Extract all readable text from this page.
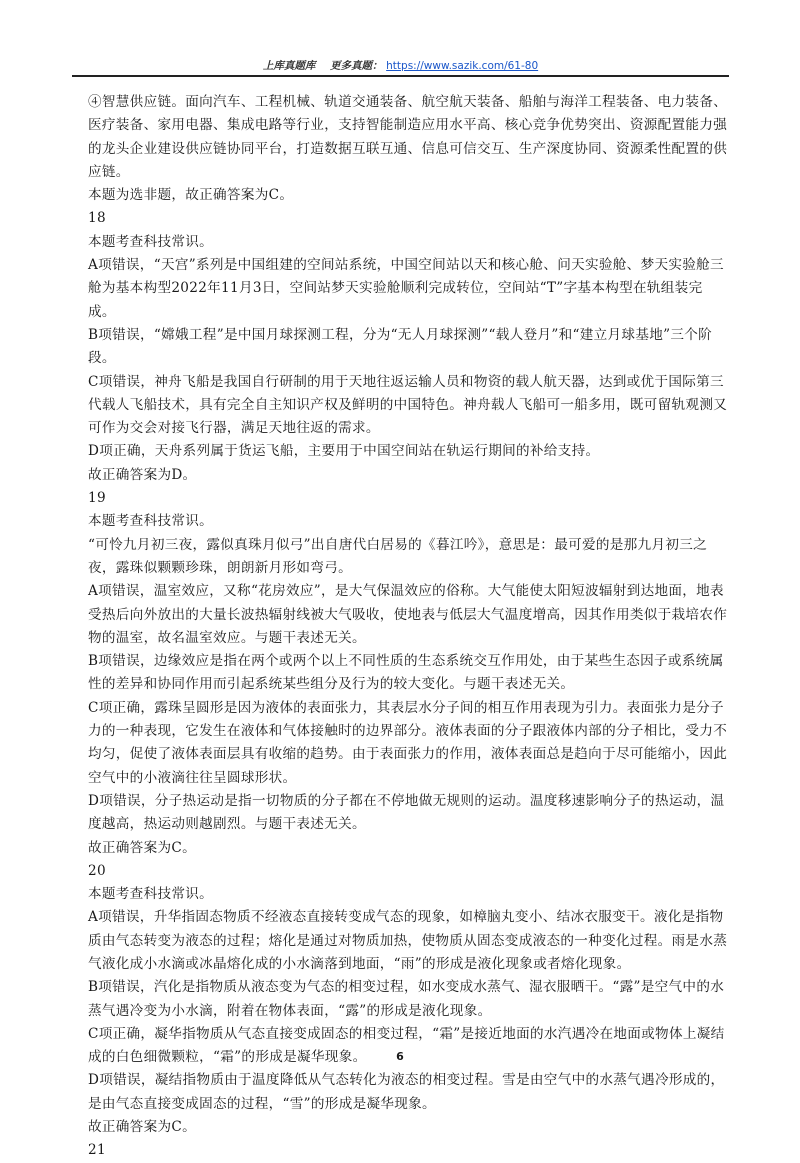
上库真题库 更多真题： https://www.sazik.com/61-80

④智慧供应链。面向汽车、工程机械、轨道交通装备、航空航天装备、船舶与海洋工程装备、电力装备、医疗装备、家用电器、集成电路等行业，支持智能制造应用水平高、核心竞争优势突出、资源配置能力强的龙头企业建设供应链协同平台，打造数据互联互通、信息可信交互、生产深度协同、资源柔性配置的供应链。

本题为选非题，故正确答案为C。

18

本题考查科技常识。

A项错误，“天宫”系列是中国组建的空间站系统，中国空间站以天和核心舱、问天实验舱、梦天实验舱三舱为基本构型2022年11月3日，空间站梦天实验舱顺利完成转位，空间站“T”字基本构型在轨组装完成。

B项错误，“嫦娥工程”是中国月球探测工程，分为“无人月球探测”“载人登月”和“建立月球基地”三个阶段。

C项错误，神舟飞船是我国自行研制的用于天地往返运输人员和物资的载人航天器，达到或优于国际第三代载人飞船技术，具有完全自主知识产权及鲜明的中国特色。神舟载人飞船可一船多用，既可留轨观测又可作为交会对接飞行器，满足天地往返的需求。

D项正确，天舟系列属于货运飞船，主要用于中国空间站在轨运行期间的补给支持。

故正确答案为D。

19

本题考查科技常识。

“可怜九月初三夜，露似真珠月似弓”出自唐代白居易的《暮江吟》，意思是：最可爱的是那九月初三之夜，露珠似颗颗珍珠，朗朗新月形如弯弓。

A项错误，温室效应，又称“花房效应”，是大气保温效应的俗称。大气能使太阳短波辐射到达地面，地表受热后向外放出的大量长波热辐射线被大气吸收，使地表与低层大气温度增高，因其作用类似于栽培农作物的温室，故名温室效应。与题干表述无关。

B项错误，边缘效应是指在两个或两个以上不同性质的生态系统交互作用处，由于某些生态因子或系统属性的差异和协同作用而引起系统某些组分及行为的较大变化。与题干表述无关。

C项正确，露珠呈圆形是因为液体的表面张力，其表层水分子间的相互作用表现为引力。表面张力是分子力的一种表现，它发生在液体和气体接触时的边界部分。液体表面的分子跟液体内部的分子相比，受力不均匀，促使了液体表面层具有收缩的趋势。由于表面张力的作用，液体表面总是趋向于尽可能缩小，因此空气中的小液滴往往呈圆球形状。

D项错误，分子热运动是指一切物质的分子都在不停地做无规则的运动。温度移速影响分子的热运动，温度越高，热运动则越剧烈。与题干表述无关。

故正确答案为C。

20

本题考查科技常识。

A项错误，升华指固态物质不经液态直接转变成气态的现象，如樟脑丸变小、结冰衣服变干。液化是指物质由气态转变为液态的过程；熔化是通过对物质加热，使物质从固态变成液态的一种变化过程。雨是水蒸气液化成小水滴或冰晶熔化成的小水滴落到地面，“雨”的形成是液化现象或者熔化现象。

B项错误，汽化是指物质从液态变为气态的相变过程，如水变成水蒸气、湿衣服晒干。“露”是空气中的水蒸气遇冷变为小水滴，附着在物体表面，“露”的形成是液化现象。

C项正确，凝华指物质从气态直接变成固态的相变过程，“霜”是接近地面的水汽遇冷在地面或物体上凝结成的白色细微颗粒，“霜”的形成是凝华现象。

D项错误，凝结指物质由于温度降低从气态转化为液态的相变过程。雪是由空气中的水蒸气遇冷形成的，是由气态直接变成固态的过程，“雪”的形成是凝华现象。

故正确答案为C。

21

6
